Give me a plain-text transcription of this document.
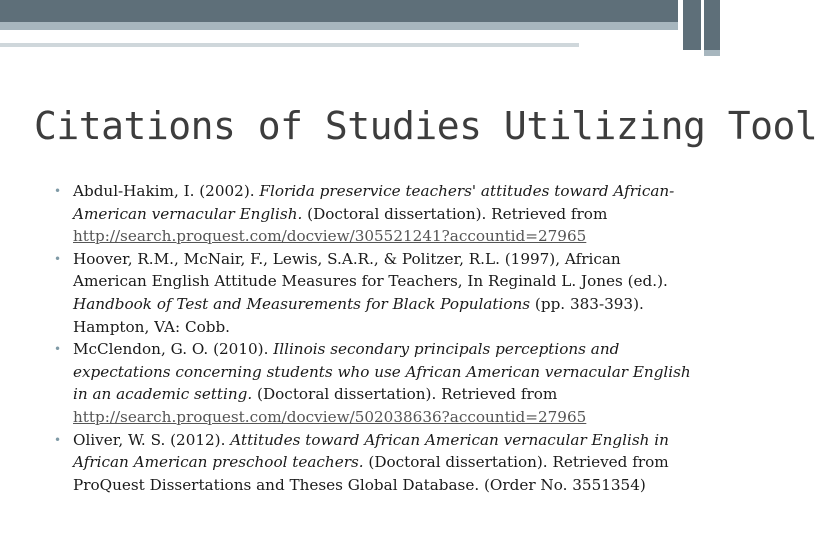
Citations of Studies Utilizing Tool
• Abdul-Hakim, I. (2002). Florida preservice teachers' attitudes toward African-American vernacular English. (Doctoral dissertation). Retrieved from http://search.proquest.com/docview/305521241?accountid=27965
• Hoover, R.M., McNair, F., Lewis, S.A.R., & Politzer, R.L. (1997), African American English Attitude Measures for Teachers, In Reginald L. Jones (ed.). Handbook of Test and Measurements for Black Populations (pp. 383-393). Hampton, VA: Cobb.
• McClendon, G. O. (2010). Illinois secondary principals perceptions and expectations concerning students who use African American vernacular English in an academic setting. (Doctoral dissertation). Retrieved from http://search.proquest.com/docview/502038636?accountid=27965
• Oliver, W. S. (2012). Attitudes toward African American vernacular English in African American preschool teachers. (Doctoral dissertation). Retrieved from ProQuest Dissertations and Theses Global Database. (Order No. 3551354)
